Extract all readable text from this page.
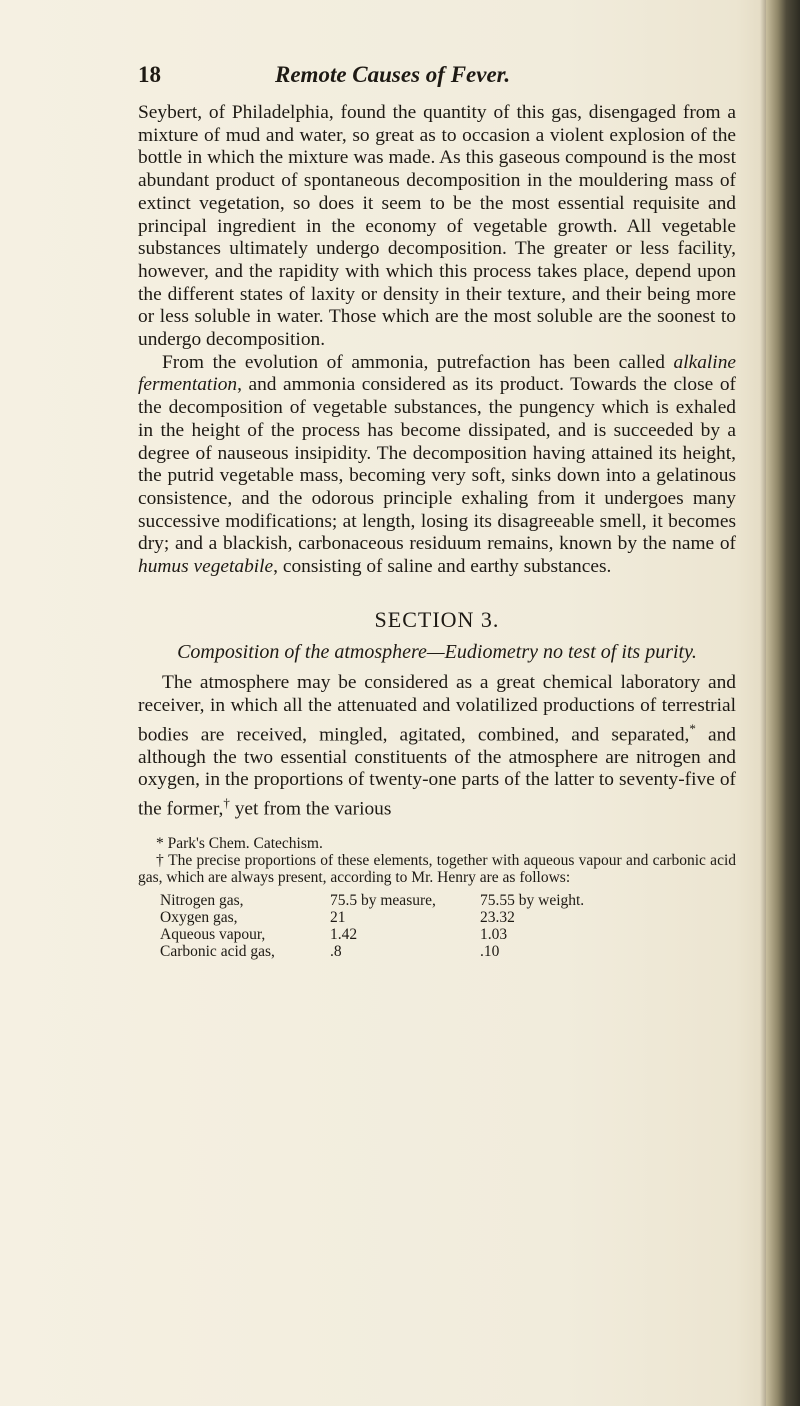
18	Remote Causes of Fever.

Seybert, of Philadelphia, found the quantity of this gas, disengaged from a mixture of mud and water, so great as to occasion a violent explosion of the bottle in which the mixture was made. As this gaseous compound is the most abundant product of spontaneous decomposition in the mouldering mass of extinct vegetation, so does it seem to be the most essential requisite and principal ingredient in the economy of vegetable growth. All vegetable substances ultimately undergo decomposition. The greater or less facility, however, and the rapidity with which this process takes place, depend upon the different states of laxity or density in their texture, and their being more or less soluble in water. Those which are the most soluble are the soonest to undergo decomposition.

From the evolution of ammonia, putrefaction has been called alkaline fermentation, and ammonia considered as its product. Towards the close of the decomposition of vegetable substances, the pungency which is exhaled in the height of the process has become dissipated, and is succeeded by a degree of nauseous insipidity. The decomposition having attained its height, the putrid vegetable mass, becoming very soft, sinks down into a gelatinous consistence, and the odorous principle exhaling from it undergoes many successive modifications; at length, losing its disagreeable smell, it becomes dry; and a blackish, carbonaceous residuum remains, known by the name of humus vegetabile, consisting of saline and earthy substances.

SECTION 3.
Composition of the atmosphere—Eudiometry no test of its purity.

The atmosphere may be considered as a great chemical laboratory and receiver, in which all the attenuated and volatilized productions of terrestrial bodies are received, mingled, agitated, combined, and separated,* and although the two essential constituents of the atmosphere are nitrogen and oxygen, in the proportions of twenty-one parts of the latter to seventy-five of the former,† yet from the various

* Park's Chem. Catechism.

† The precise proportions of these elements, together with aqueous vapour and carbonic acid gas, which are always present, according to Mr. Henry are as follows:

Nitrogen gas,	75.5 by measure,	75.55 by weight.
Oxygen gas,	21	23.32
Aqueous vapour,	1.42	1.03
Carbonic acid gas,	.8	.10
